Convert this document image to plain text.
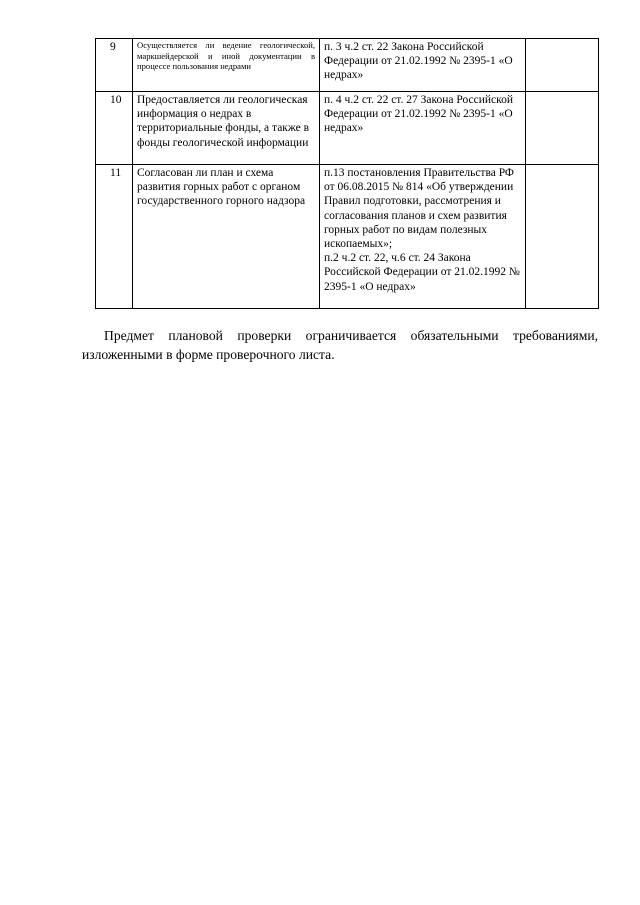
9	Осуществляется ли ведение геологической, маркшейдерской и иной документации в процессе пользования недрами	п. 3 ч.2 ст. 22 Закона Российской Федерации от 21.02.1992 № 2395-1 «О недрах»	

10	Предоставляется ли геологическая информация о недрах в территориальные фонды, а также в фонды геологической информации	п. 4 ч.2 ст. 22 ст. 27 Закона Российской Федерации от 21.02.1992 № 2395-1 «О недрах»	

11	Согласован ли план и схема развития горных работ с органом государственного горного надзора	п.13 постановления Правительства РФ от 06.08.2015 № 814 «Об утверждении Правил подготовки, рассмотрения и согласования планов и схем развития горных работ по видам полезных ископаемых»;
п.2 ч.2 ст. 22, ч.6 ст. 24 Закона Российской Федерации от 21.02.1992 № 2395-1 «О недрах»	

Предмет плановой проверки ограничивается обязательными требованиями, изложенными в форме проверочного листа.
